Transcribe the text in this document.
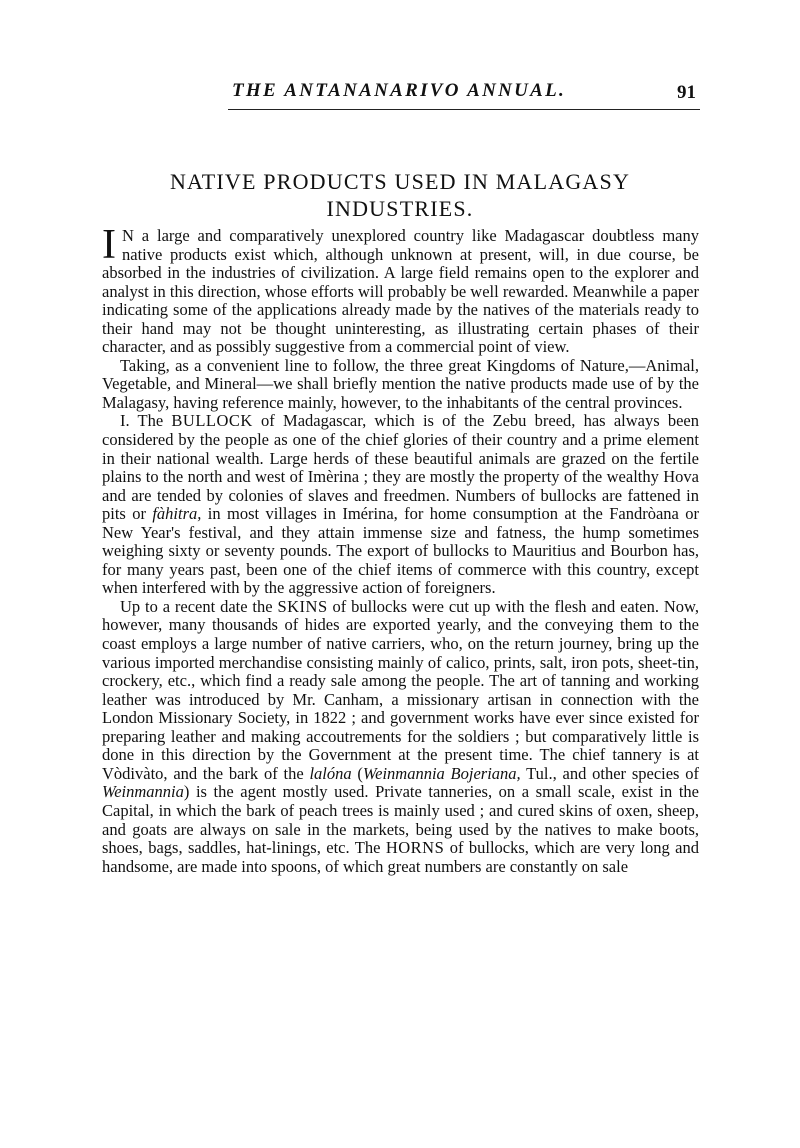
THE ANTANANARIVO ANNUAL.	91
NATIVE PRODUCTS USED IN MALAGASY
INDUSTRIES.

I N a large and comparatively unexplored country like Madagascar doubtless many native products exist which, although unknown at present, will, in due course, be absorbed in the industries of civilization. A large field remains open to the explorer and analyst in this direction, whose efforts will probably be well rewarded. Meanwhile a paper indicating some of the applications already made by the natives of the materials ready to their hand may not be thought uninteresting, as illustrating certain phases of their character, and as possibly suggestive from a commercial point of view.

Taking, as a convenient line to follow, the three great Kingdoms of Nature,—Animal, Vegetable, and Mineral—we shall briefly mention the native products made use of by the Malagasy, having reference mainly, however, to the inhabitants of the central provinces.

I. The BULLOCK of Madagascar, which is of the Zebu breed, has always been considered by the people as one of the chief glories of their country and a prime element in their national wealth. Large herds of these beautiful animals are grazed on the fertile plains to the north and west of Imèrina ; they are mostly the property of the wealthy Hova and are tended by colonies of slaves and freedmen. Numbers of bullocks are fattened in pits or fàhitra, in most villages in Imérina, for home consumption at the Fandròana or New Year's festival, and they attain immense size and fatness, the hump sometimes weighing sixty or seventy pounds. The export of bullocks to Mauritius and Bourbon has, for many years past, been one of the chief items of commerce with this country, except when interfered with by the aggressive action of foreigners.

Up to a recent date the SKINS of bullocks were cut up with the flesh and eaten. Now, however, many thousands of hides are exported yearly, and the conveying them to the coast employs a large number of native carriers, who, on the return journey, bring up the various imported merchandise consisting mainly of calico, prints, salt, iron pots, sheet-tin, crockery, etc., which find a ready sale among the people. The art of tanning and working leather was introduced by Mr. Canham, a missionary artisan in connection with the London Missionary Society, in 1822 ; and government works have ever since existed for preparing leather and making accoutrements for the soldiers ; but comparatively little is done in this direction by the Government at the present time. The chief tannery is at Vòdivàto, and the bark of the lalóna (Weinmannia Bojeriana, Tul., and other species of Weinmannia) is the agent mostly used. Private tanneries, on a small scale, exist in the Capital, in which the bark of peach trees is mainly used ; and cured skins of oxen, sheep, and goats are always on sale in the markets, being used by the natives to make boots, shoes, bags, saddles, hat-linings, etc. The HORNS of bullocks, which are very long and handsome, are made into spoons, of which great numbers are constantly on sale
